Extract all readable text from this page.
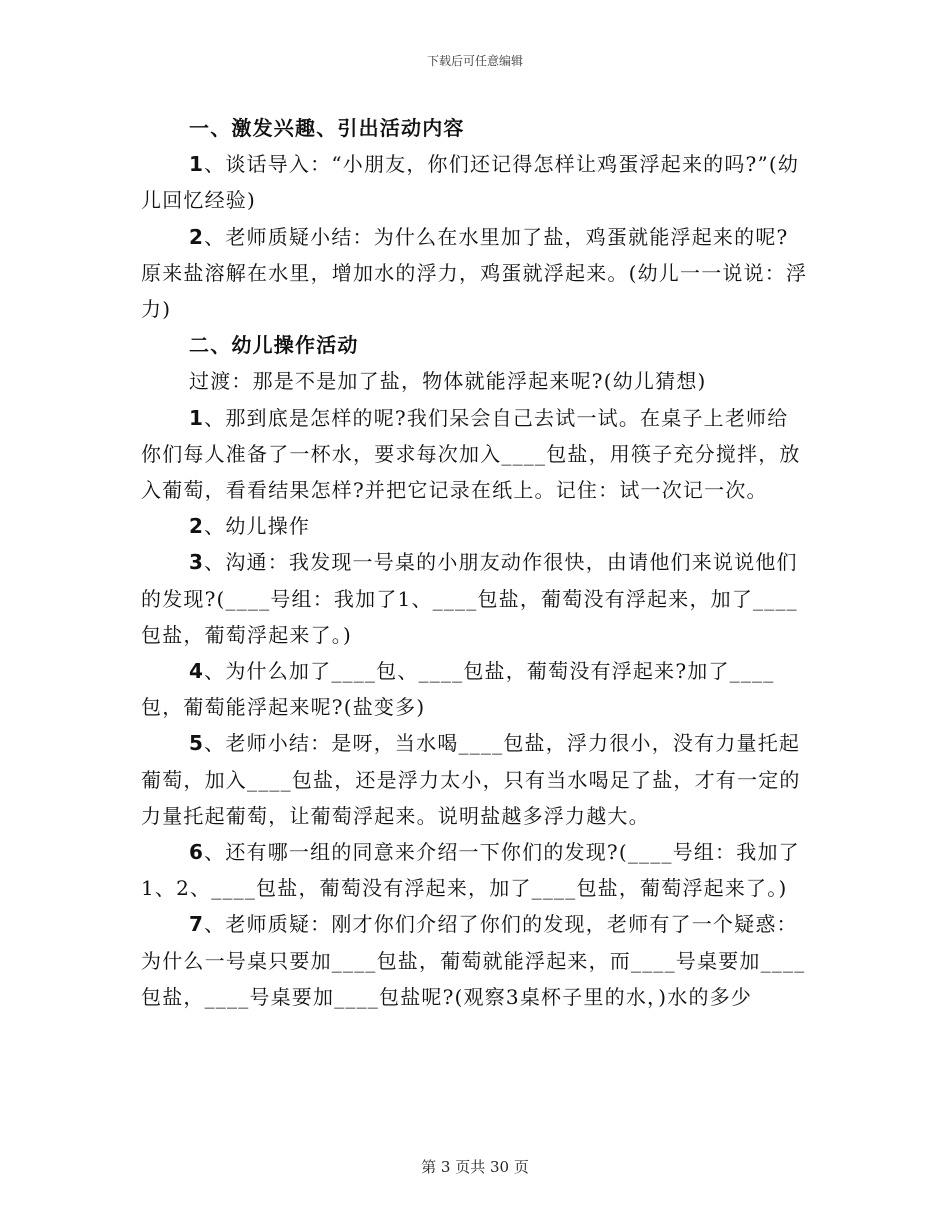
下载后可任意编辑

一、激发兴趣、引出活动内容

1、谈话导入：“小朋友，你们还记得怎样让鸡蛋浮起来的吗?”(幼儿回忆经验)

2、老师质疑小结：为什么在水里加了盐，鸡蛋就能浮起来的呢?原来盐溶解在水里，增加水的浮力，鸡蛋就浮起来。(幼儿一一说说：浮力)

二、幼儿操作活动

过渡：那是不是加了盐，物体就能浮起来呢?(幼儿猜想)

1、那到底是怎样的呢?我们呆会自己去试一试。在桌子上老师给你们每人准备了一杯水，要求每次加入____包盐，用筷子充分搅拌，放入葡萄，看看结果怎样?并把它记录在纸上。记住：试一次记一次。

2、幼儿操作

3、沟通：我发现一号桌的小朋友动作很快，由请他们来说说他们的发现?(____号组：我加了1、____包盐，葡萄没有浮起来，加了____包盐，葡萄浮起来了。)

4、为什么加了____包、____包盐，葡萄没有浮起来?加了____包，葡萄能浮起来呢?(盐变多)

5、老师小结：是呀，当水喝____包盐，浮力很小，没有力量托起葡萄，加入____包盐，还是浮力太小，只有当水喝足了盐，才有一定的力量托起葡萄，让葡萄浮起来。说明盐越多浮力越大。

6、还有哪一组的同意来介绍一下你们的发现?(____号组：我加了1、2、____包盐，葡萄没有浮起来，加了____包盐，葡萄浮起来了。)

7、老师质疑：刚才你们介绍了你们的发现，老师有了一个疑惑：为什么一号桌只要加____包盐，葡萄就能浮起来，而____号桌要加____包盐，____号桌要加____包盐呢?(观察3桌杯子里的水，)水的多少

第 3 页共 30 页
